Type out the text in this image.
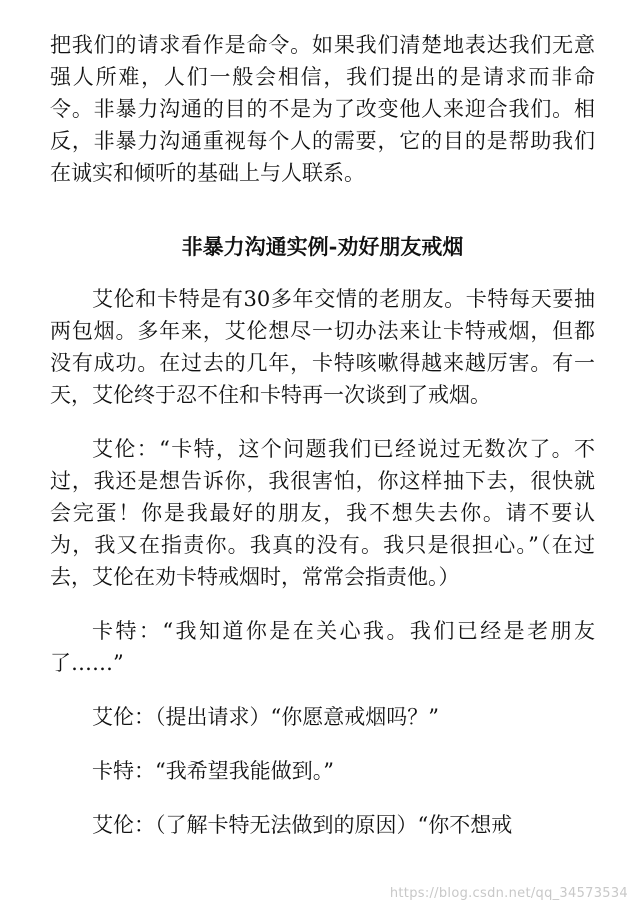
把我们的请求看作是命令。如果我们清楚地表达我们无意强人所难，人们一般会相信，我们提出的是请求而非命令。非暴力沟通的目的不是为了改变他人来迎合我们。相反，非暴力沟通重视每个人的需要，它的目的是帮助我们在诚实和倾听的基础上与人联系。

非暴力沟通实例-劝好朋友戒烟

艾伦和卡特是有30多年交情的老朋友。卡特每天要抽两包烟。多年来，艾伦想尽一切办法来让卡特戒烟，但都没有成功。在过去的几年，卡特咳嗽得越来越厉害。有一天，艾伦终于忍不住和卡特再一次谈到了戒烟。

艾伦：“卡特，这个问题我们已经说过无数次了。不过，我还是想告诉你，我很害怕，你这样抽下去，很快就会完蛋！你是我最好的朋友，我不想失去你。请不要认为，我又在指责你。我真的没有。我只是很担心。”（在过去，艾伦在劝卡特戒烟时，常常会指责他。）

卡特：“我知道你是在关心我。我们已经是老朋友了……”

艾伦：（提出请求）“你愿意戒烟吗？”

卡特：“我希望我能做到。”

艾伦：（了解卡特无法做到的原因）“你不想戒

https://blog.csdn.net/qq_34573534
